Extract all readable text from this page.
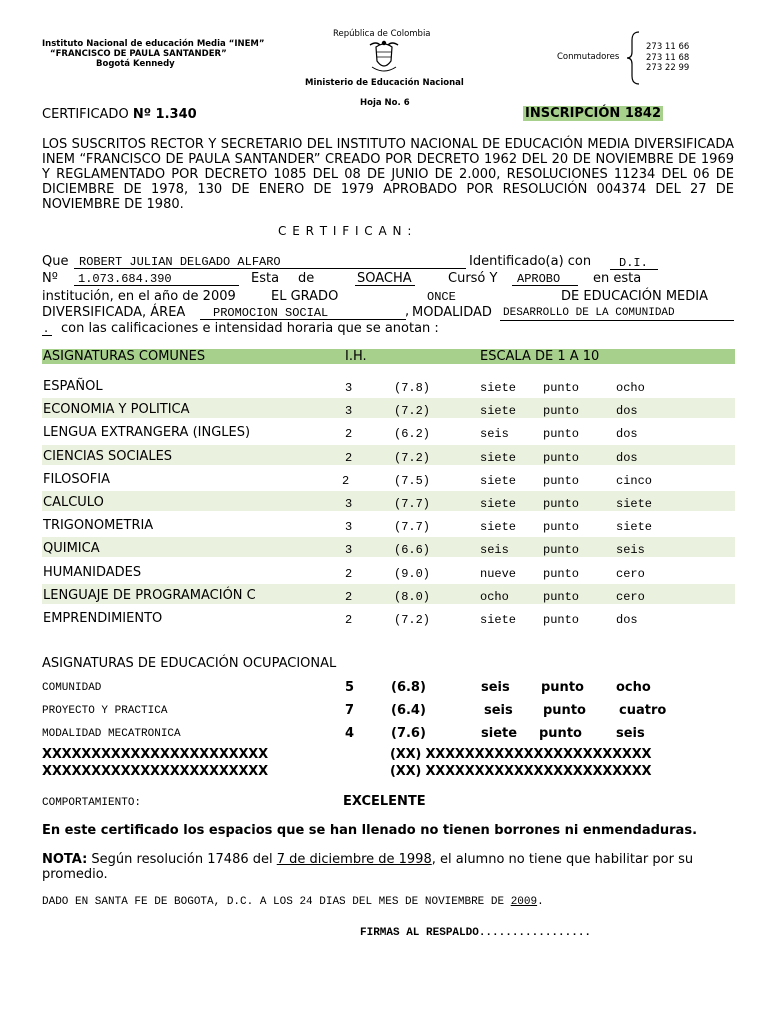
Instituto Nacional de educación Media “INEM”
“FRANCISCO DE PAULA SANTANDER”
Bogotá Kennedy
República de Colombia
Ministerio de Educación Nacional
Hoja No. 6
Conmutadores
273 11 66
273 11 68
273 22 99
CERTIFICADO Nº 1.340	INSCRIPCIÓN 1842

LOS SUSCRITOS RECTOR Y SECRETARIO DEL INSTITUTO NACIONAL DE EDUCACIÓN MEDIA DIVERSIFICADA INEM “FRANCISCO DE PAULA SANTANDER” CREADO POR DECRETO 1962 DEL 20 DE NOVIEMBRE DE 1969 Y REGLAMENTADO POR DECRETO 1085 DEL 08 DE JUNIO DE 2.000, RESOLUCIONES 11234 DEL 06 DE DICIEMBRE DE 1978, 130 DE ENERO DE 1979 APROBADO POR RESOLUCIÓN 004374 DEL 27 DE NOVIEMBRE DE 1980.

C E R T I F I C A N :
Que ROBERT JULIAN DELGADO ALFARO	Identificado(a) con D.I.
Nº 1.073.684.390	Esta de	SOACHA	Cursó Y APROBO	en esta
institución, en el año de 2009	EL GRADO	ONCE	DE EDUCACIÓN MEDIA
DIVERSIFICADA, ÁREA PROMOCION SOCIAL	, MODALIDAD DESARROLLO DE LA COMUNIDAD
. con las calificaciones e intensidad horaria que se anotan :
ASIGNATURAS COMUNES	I.H.	ESCALA DE 1 A 10
ESPAÑOL	3	(7.8)	siete punto	ocho
ECONOMIA Y POLITICA	3	(7.2)	siete punto	dos
LENGUA EXTRANGERA (INGLES)	2	(6.2)	seis	punto	dos
CIENCIAS SOCIALES	2	(7.2)	siete punto	dos
FILOSOFIA	2	(7.5)	siete punto	cinco
CALCULO	3	(7.7)	siete punto	siete
TRIGONOMETRIA	3	(7.7)	siete punto	siete
QUIMICA	3	(6.6)	seis	punto	seis
HUMANIDADES	2	(9.0)	nueve punto	cero
LENGUAJE DE PROGRAMACIÓN C	2	(8.0)	ocho	punto	cero
EMPRENDIMIENTO	2	(7.2)	siete punto	dos
ASIGNATURAS DE EDUCACIÓN OCUPACIONAL
COMUNIDAD	5	(6.8)	seis punto ocho
PROYECTO Y PRACTICA	7	(6.4)	seis punto	cuatro
MODALIDAD MECATRONICA	4	(7.6)	siete punto	seis
XXXXXXXXXXXXXXXXXXXXXXX	(XX) XXXXXXXXXXXXXXXXXXXXXXX
XXXXXXXXXXXXXXXXXXXXXXX	(XX) XXXXXXXXXXXXXXXXXXXXXXX
COMPORTAMIENTO:	EXCELENTE
En este certificado los espacios que se han llenado no tienen borrones ni enmendaduras.
NOTA: Según resolución 17486 del 7 de diciembre de 1998, el alumno no tiene que habilitar por su
promedio.
DADO EN SANTA FE DE BOGOTA, D.C. A LOS 24 DIAS DEL MES DE NOVIEMBRE DE 2009.
FIRMAS AL RESPALDO.................
